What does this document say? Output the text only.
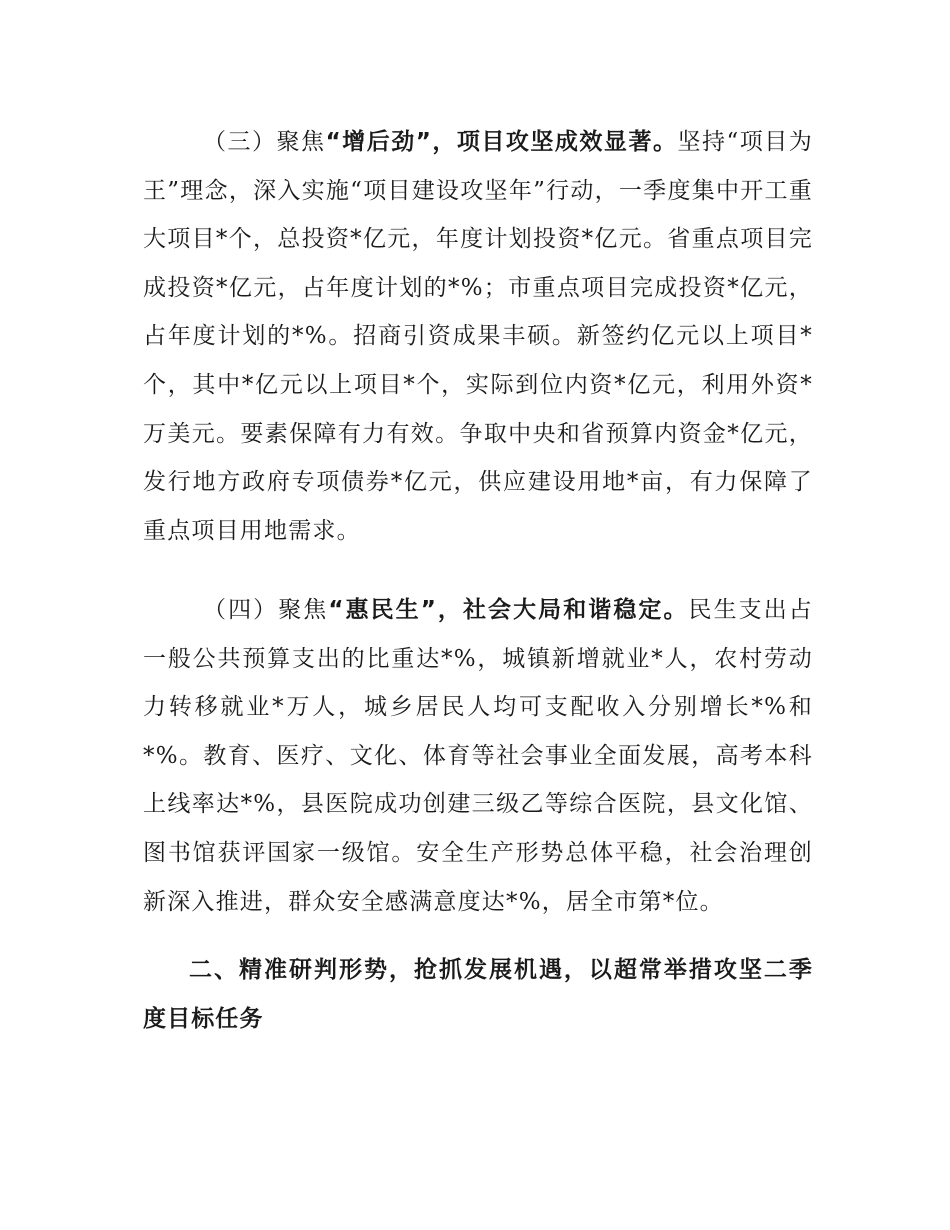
（三）聚焦“增后劲”，项目攻坚成效显著。坚持“项目为王”理念，深入实施“项目建设攻坚年”行动，一季度集中开工重大项目*个，总投资*亿元，年度计划投资*亿元。省重点项目完成投资*亿元，占年度计划的*%；市重点项目完成投资*亿元，占年度计划的*%。招商引资成果丰硕。新签约亿元以上项目*个，其中*亿元以上项目*个，实际到位内资*亿元，利用外资*万美元。要素保障有力有效。争取中央和省预算内资金*亿元，发行地方政府专项债券*亿元，供应建设用地*亩，有力保障了重点项目用地需求。

（四）聚焦“惠民生”，社会大局和谐稳定。民生支出占一般公共预算支出的比重达*%，城镇新增就业*人，农村劳动力转移就业*万人，城乡居民人均可支配收入分别增长*%和*%。教育、医疗、文化、体育等社会事业全面发展，高考本科上线率达*%，县医院成功创建三级乙等综合医院，县文化馆、图书馆获评国家一级馆。安全生产形势总体平稳，社会治理创新深入推进，群众安全感满意度达*%，居全市第*位。

二、精准研判形势，抢抓发展机遇，以超常举措攻坚二季度目标任务
